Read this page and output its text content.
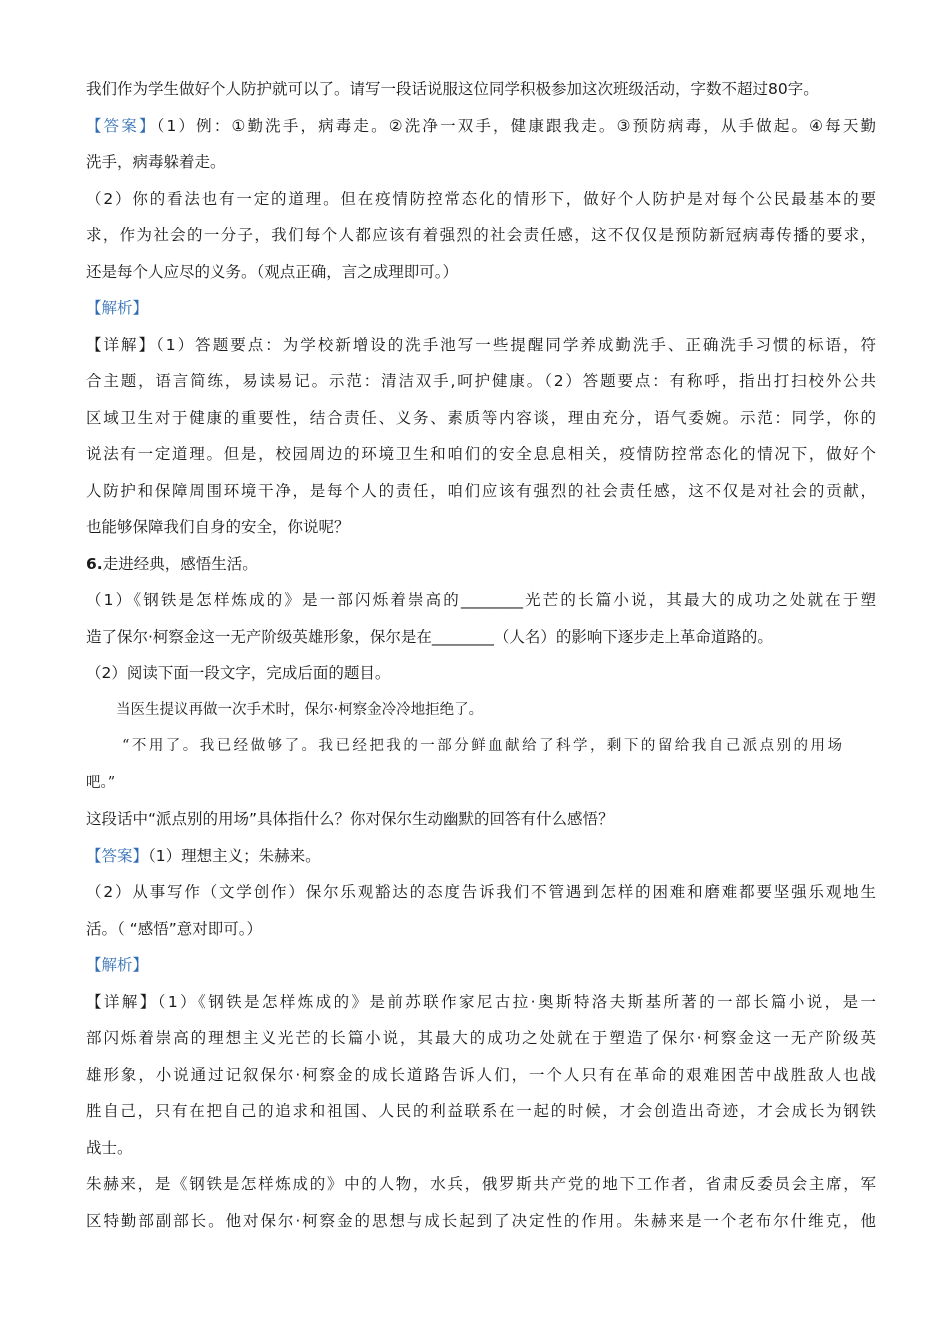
我们作为学生做好个人防护就可以了。请写一段话说服这位同学积极参加这次班级活动，字数不超过80字。
【答案】（1）例：①勤洗手，病毒走。②洗净一双手，健康跟我走。③预防病毒，从手做起。④每天勤
洗手，病毒躲着走。
（2）你的看法也有一定的道理。但在疫情防控常态化的情形下，做好个人防护是对每个公民最基本的要
求，作为社会的一分子，我们每个人都应该有着强烈的社会责任感，这不仅仅是预防新冠病毒传播的要求，
还是每个人应尽的义务。（观点正确，言之成理即可。）
【解析】
【详解】（1）答题要点：为学校新增设的洗手池写一些提醒同学养成勤洗手、正确洗手习惯的标语，符
合主题，语言简练，易读易记。示范：清洁双手,呵护健康。（2）答题要点：有称呼，指出打扫校外公共
区域卫生对于健康的重要性，结合责任、义务、素质等内容谈，理由充分，语气委婉。示范：同学，你的
说法有一定道理。但是，校园周边的环境卫生和咱们的安全息息相关，疫情防控常态化的情况下，做好个
人防护和保障周围环境干净，是每个人的责任，咱们应该有强烈的社会责任感，这不仅是对社会的贡献，
也能够保障我们自身的安全，你说呢？
6.走进经典，感悟生活。
（1）《钢铁是怎样炼成的》是一部闪烁着崇高的________光芒的长篇小说，其最大的成功之处就在于塑
造了保尔·柯察金这一无产阶级英雄形象，保尔是在________（人名）的影响下逐步走上革命道路的。
（2）阅读下面一段文字，完成后面的题目。
当医生提议再做一次手术时，保尔·柯察金冷冷地拒绝了。
“不用了。我已经做够了。我已经把我的一部分鲜血献给了科学，剩下的留给我自己派点别的用场
吧。”
这段话中“派点别的用场”具体指什么？你对保尔生动幽默的回答有什么感悟？
【答案】（1）理想主义；朱赫来。
（2）从事写作（文学创作）保尔乐观豁达的态度告诉我们不管遇到怎样的困难和磨难都要坚强乐观地生
活。（ “感悟”意对即可。）
【解析】
【详解】（1）《钢铁是怎样炼成的》是前苏联作家尼古拉·奥斯特洛夫斯基所著的一部长篇小说，是一
部闪烁着崇高的理想主义光芒的长篇小说，其最大的成功之处就在于塑造了保尔·柯察金这一无产阶级英
雄形象，小说通过记叙保尔·柯察金的成长道路告诉人们，一个人只有在革命的艰难困苦中战胜敌人也战
胜自己，只有在把自己的追求和祖国、人民的利益联系在一起的时候，才会创造出奇迹，才会成长为钢铁
战士。
朱赫来，是《钢铁是怎样炼成的》中的人物，水兵，俄罗斯共产党的地下工作者，省肃反委员会主席，军
区特勤部副部长。他对保尔·柯察金的思想与成长起到了决定性的作用。朱赫来是一个老布尔什维克，他
